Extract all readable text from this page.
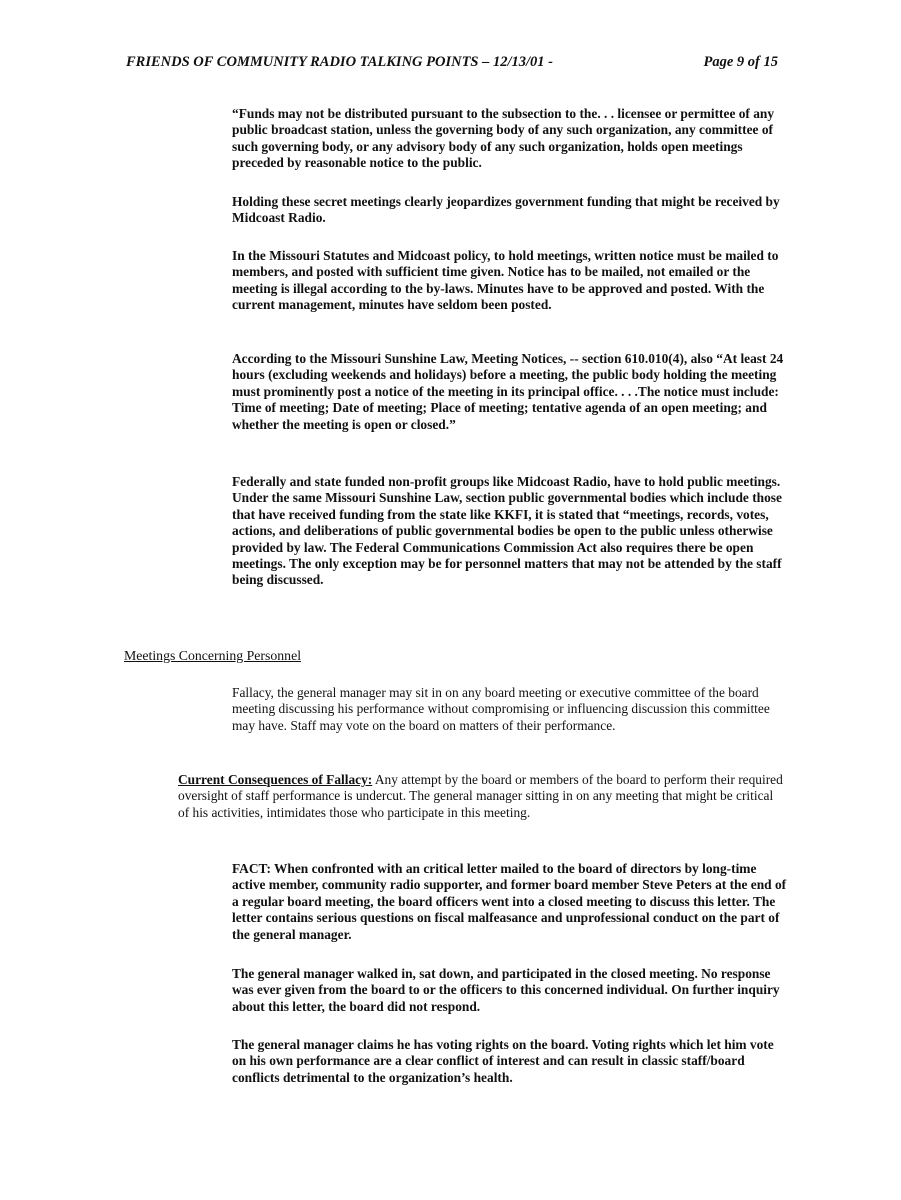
FRIENDS OF COMMUNITY RADIO TALKING POINTS – 12/13/01 -	Page 9 of 15

“Funds may not be distributed pursuant to the subsection to the. . . licensee or permittee of any public broadcast station, unless the governing body of any such organization, any committee of such governing body, or any advisory body of any such organization, holds open meetings preceded by reasonable notice to the public.

Holding these secret meetings clearly jeopardizes government funding that might be received by Midcoast Radio.

In the Missouri Statutes and Midcoast policy, to hold meetings, written notice must be mailed to members, and posted with sufficient time given. Notice has to be mailed, not emailed or the meeting is illegal according to the by-laws. Minutes have to be approved and posted. With the current management, minutes have seldom been posted.

According to the Missouri Sunshine Law, Meeting Notices, -- section 610.010(4), also “At least 24 hours (excluding weekends and holidays) before a meeting, the public body holding the meeting must prominently post a notice of the meeting in its principal office. . . .The notice must include: Time of meeting; Date of meeting; Place of meeting; tentative agenda of an open meeting; and whether the meeting is open or closed.”

Federally and state funded non-profit groups like Midcoast Radio, have to hold public meetings. Under the same Missouri Sunshine Law, section public governmental bodies which include those that have received funding from the state like KKFI, it is stated that “meetings, records, votes, actions, and deliberations of public governmental bodies be open to the public unless otherwise provided by law. The Federal Communications Commission Act also requires there be open meetings. The only exception may be for personnel matters that may not be attended by the staff being discussed.

Meetings Concerning Personnel

Fallacy, the general manager may sit in on any board meeting or executive committee of the board meeting discussing his performance without compromising or influencing discussion this committee may have. Staff may vote on the board on matters of their performance.

Current Consequences of Fallacy: Any attempt by the board or members of the board to perform their required oversight of staff performance is undercut. The general manager sitting in on any meeting that might be critical of his activities, intimidates those who participate in this meeting.

FACT: When confronted with an critical letter mailed to the board of directors by long-time active member, community radio supporter, and former board member Steve Peters at the end of a regular board meeting, the board officers went into a closed meeting to discuss this letter. The letter contains serious questions on fiscal malfeasance and unprofessional conduct on the part of the general manager.

The general manager walked in, sat down, and participated in the closed meeting. No response was ever given from the board to or the officers to this concerned individual. On further inquiry about this letter, the board did not respond.

The general manager claims he has voting rights on the board. Voting rights which let him vote on his own performance are a clear conflict of interest and can result in classic staff/board conflicts detrimental to the organization’s health.
